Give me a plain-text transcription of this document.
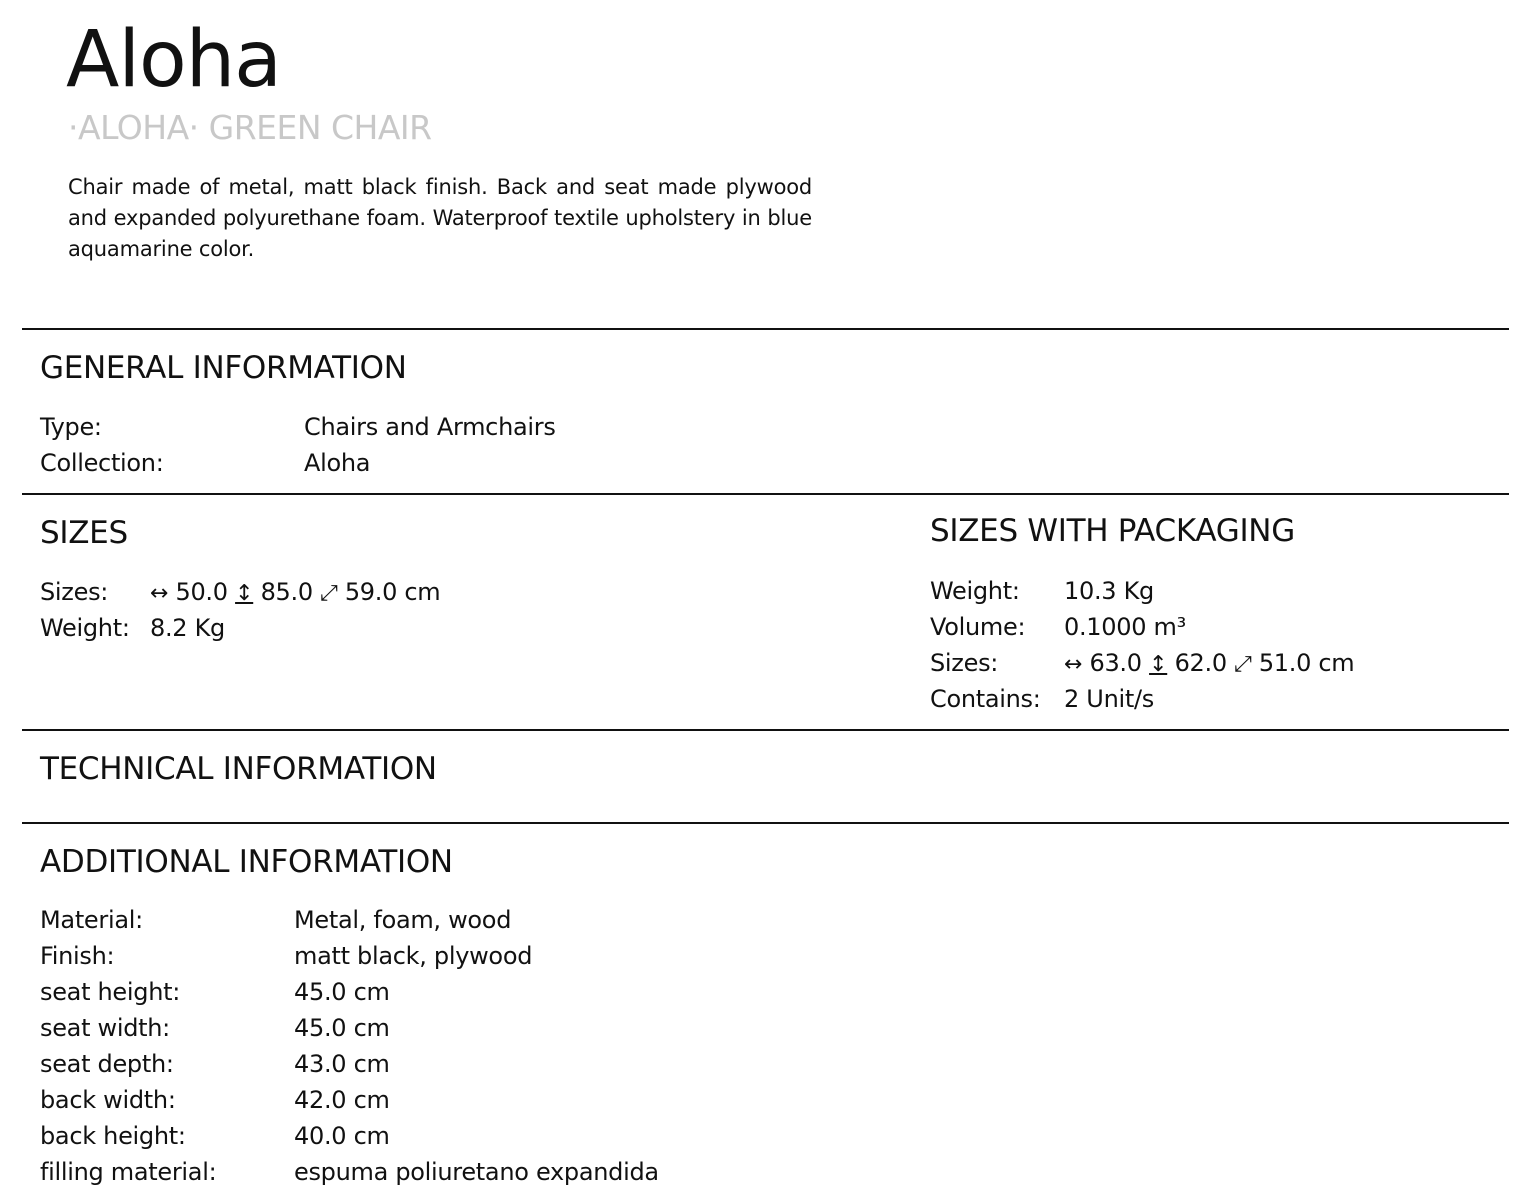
Aloha
·ALOHA· GREEN CHAIR

Chair made of metal, matt black finish. Back and seat made plywood and expanded polyurethane foam. Waterproof textile upholstery in blue aquamarine color.

GENERAL INFORMATION
Type:	Chairs and Armchairs
Collection:	Aloha
SIZES
Sizes: ↔ 50.0 ↕ 85.0 ⤢ 59.0 cm
Weight: 8.2 Kg
SIZES WITH PACKAGING
Weight: 10.3 Kg
Volume: 0.1000 m³
Sizes:	↔ 63.0 ↕ 62.0 ⤢ 51.0 cm
Contains: 2 Unit/s
TECHNICAL INFORMATION
ADDITIONAL INFORMATION
Material:	Metal, foam, wood
Finish:	matt black, plywood
seat height:	45.0 cm
seat width:	45.0 cm
seat depth:	43.0 cm
back width:	42.0 cm
back height:	40.0 cm
filling material:	espuma poliuretano expandida
